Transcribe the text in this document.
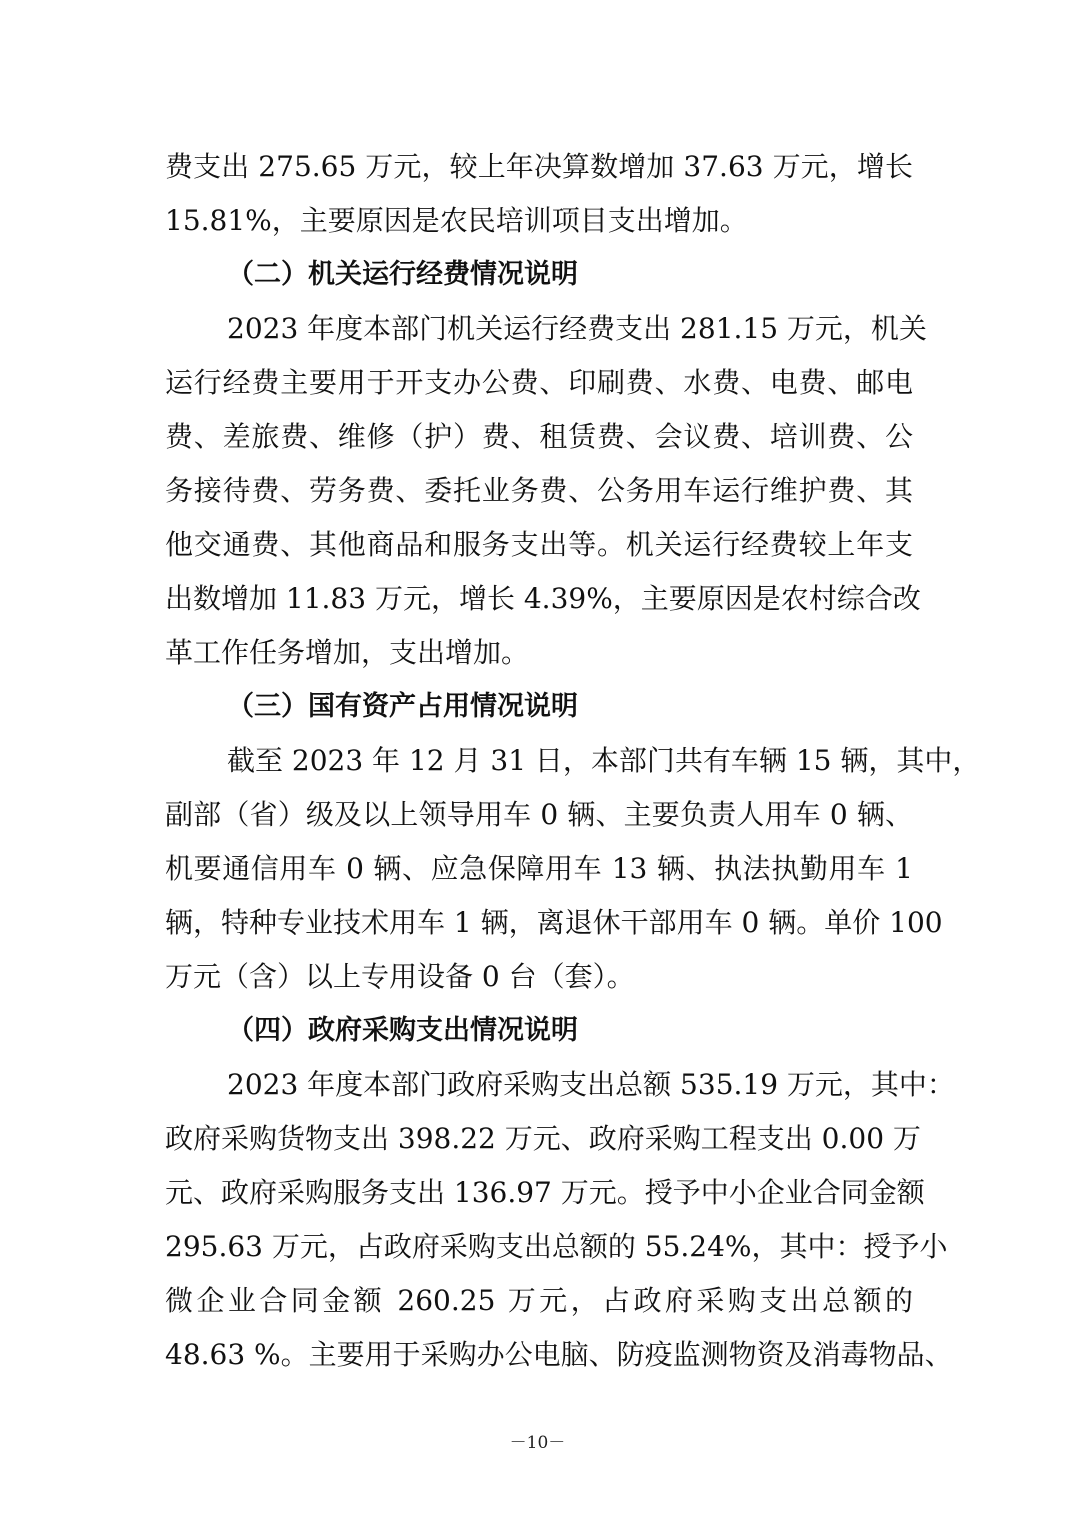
费支出 275.65 万元，较上年决算数增加 37.63 万元，增长
15.81%，主要原因是农民培训项目支出增加。
（二）机关运行经费情况说明
2023 年度本部门机关运行经费支出 281.15 万元，机关
运行经费主要用于开支办公费、印刷费、水费、电费、邮电
费、差旅费、维修（护）费、租赁费、会议费、培训费、公
务接待费、劳务费、委托业务费、公务用车运行维护费、其
他交通费、其他商品和服务支出等。机关运行经费较上年支
出数增加 11.83 万元，增长 4.39%，主要原因是农村综合改
革工作任务增加，支出增加。
（三）国有资产占用情况说明
截至 2023 年 12 月 31 日，本部门共有车辆 15 辆，其中，
副部（省）级及以上领导用车 0 辆、主要负责人用车 0 辆、
机要通信用车 0 辆、应急保障用车 13 辆、执法执勤用车 1
辆，特种专业技术用车 1 辆，离退休干部用车 0 辆。单价 100
万元（含）以上专用设备 0 台（套）。
（四）政府采购支出情况说明
2023 年度本部门政府采购支出总额 535.19 万元，其中：
政府采购货物支出 398.22 万元、政府采购工程支出 0.00 万
元、政府采购服务支出 136.97 万元。授予中小企业合同金额
295.63 万元，占政府采购支出总额的 55.24%，其中：授予小
微企业合同金额 260.25 万元，占政府采购支出总额的
48.63 %。主要用于采购办公电脑、防疫监测物资及消毒物品、
－10－
